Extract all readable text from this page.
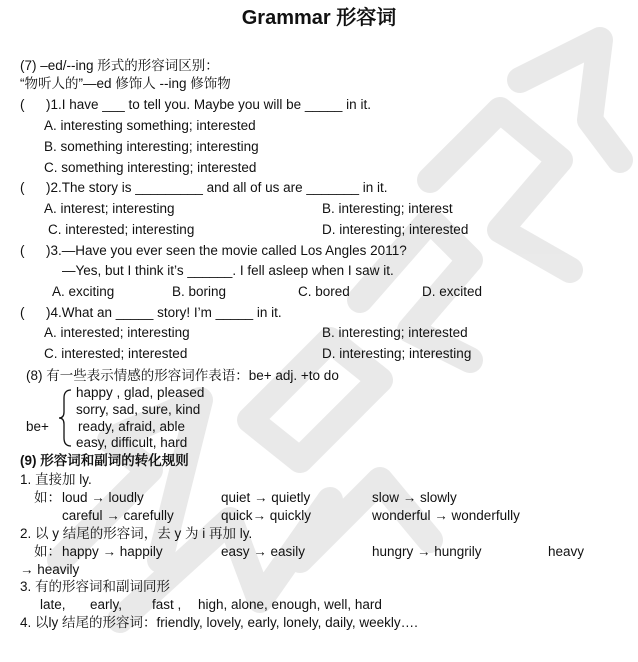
Grammar 形容词
(7) –ed/--ing 形式的形容词区别：
“物听人的”—ed 修饰人 --ing 修饰物
( )1.I have ___ to tell you. Maybe you will be _____ in it.
A. interesting something; interested
B. something interesting; interesting
C. something interesting; interested
( )2.The story is _________ and all of us are _______ in it.
A. interest; interesting	B. interesting; interest
C. interested; interesting	D. interesting; interested
( )3.—Have you ever seen the movie called Los Angles 2011?
—Yes, but I think it’s ______. I fell asleep when I saw it.
A. exciting	B. boring	C. bored	D. excited
( )4.What an _____ story! I’m _____ in it.
A. interested; interesting	B. interesting; interested
C. interested; interested	D. interesting; interesting
(8) 有一些表示情感的形容词作表语：be+ adj. +to do
be+
happy , glad, pleased
sorry, sad, sure, kind
ready, afraid, able
easy, difficult, hard
(9) 形容词和副词的转化规则
1. 直接加 ly.
如： loud → loudly	quiet → quietly	slow → slowly
careful → carefully	quick→ quickly	wonderful → wonderfully
2. 以 y 结尾的形容词，去 y 为 i 再加 ly.
如： happy → happily	easy → easily	hungry → hungrily	heavy
→ heavily
3. 有的形容词和副词同形
late, early, fast , high, alone, enough, well, hard
4. 以ly 结尾的形容词：friendly, lovely, early, lonely, daily, weekly….
